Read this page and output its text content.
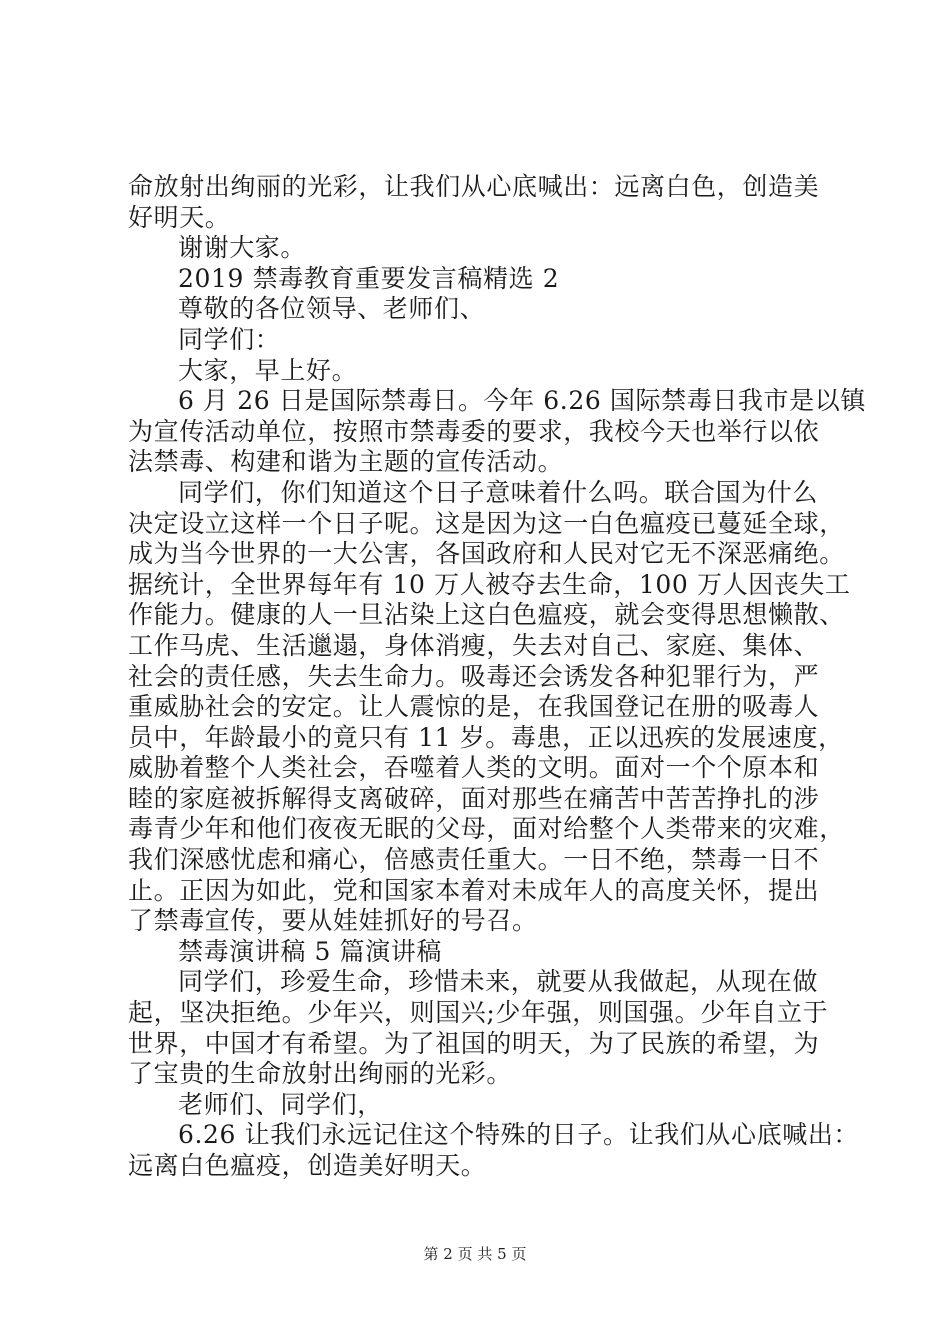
命放射出绚丽的光彩，让我们从心底喊出：远离白色，创造美
好明天。
谢谢大家。
2019 禁毒教育重要发言稿精选 2
尊敬的各位领导、老师们、
同学们：
大家，早上好。
6 月 26 日是国际禁毒日。今年 6.26 国际禁毒日我市是以镇
为宣传活动单位，按照市禁毒委的要求，我校今天也举行以依
法禁毒、构建和谐为主题的宣传活动。
同学们，你们知道这个日子意味着什么吗。联合国为什么
决定设立这样一个日子呢。这是因为这一白色瘟疫已蔓延全球，
成为当今世界的一大公害，各国政府和人民对它无不深恶痛绝。
据统计，全世界每年有 10 万人被夺去生命，100 万人因丧失工
作能力。健康的人一旦沾染上这白色瘟疫，就会变得思想懒散、
工作马虎、生活邋遢，身体消瘦，失去对自己、家庭、集体、
社会的责任感，失去生命力。吸毒还会诱发各种犯罪行为，严
重威胁社会的安定。让人震惊的是，在我国登记在册的吸毒人
员中，年龄最小的竟只有 11 岁。毒患，正以迅疾的发展速度，
威胁着整个人类社会，吞噬着人类的文明。面对一个个原本和
睦的家庭被拆解得支离破碎，面对那些在痛苦中苦苦挣扎的涉
毒青少年和他们夜夜无眠的父母，面对给整个人类带来的灾难，
我们深感忧虑和痛心，倍感责任重大。一日不绝，禁毒一日不
止。正因为如此，党和国家本着对未成年人的高度关怀，提出
了禁毒宣传，要从娃娃抓好的号召。
禁毒演讲稿 5 篇演讲稿
同学们，珍爱生命，珍惜未来，就要从我做起，从现在做
起，坚决拒绝。少年兴，则国兴;少年强，则国强。少年自立于
世界，中国才有希望。为了祖国的明天，为了民族的希望，为
了宝贵的生命放射出绚丽的光彩。
老师们、同学们，
6.26 让我们永远记住这个特殊的日子。让我们从心底喊出：
远离白色瘟疫，创造美好明天。
第 2 页 共 5 页
